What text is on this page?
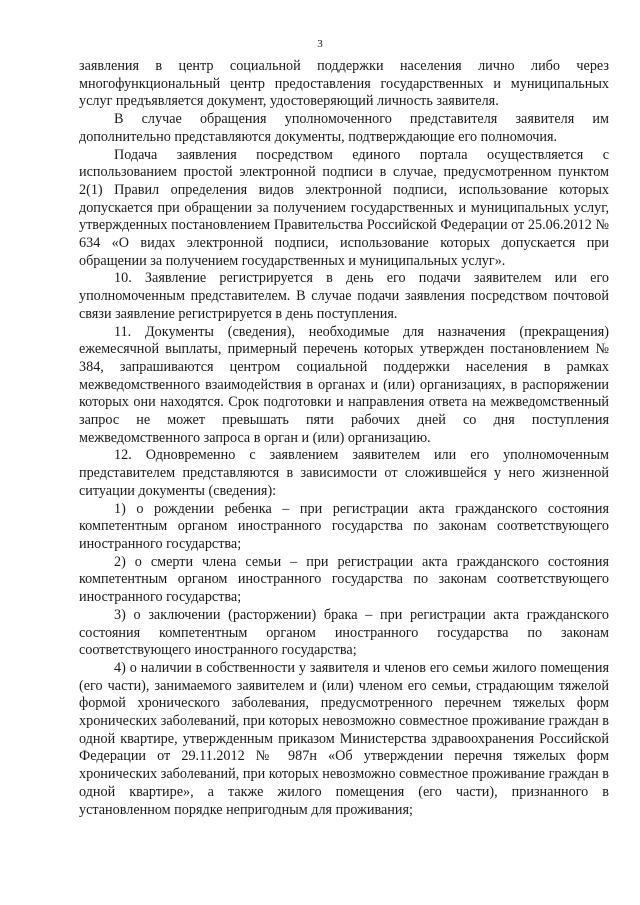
3

заявления в центр социальной поддержки населения лично либо через многофункциональный центр предоставления государственных и муниципальных услуг предъявляется документ, удостоверяющий личность заявителя.

В случае обращения уполномоченного представителя заявителя им дополнительно представляются документы, подтверждающие его полномочия.

Подача заявления посредством единого портала осуществляется с использованием простой электронной подписи в случае, предусмотренном пунктом 2(1) Правил определения видов электронной подписи, использование которых допускается при обращении за получением государственных и муниципальных услуг, утвержденных постановлением Правительства Российской Федерации от 25.06.2012 № 634 «О видах электронной подписи, использование которых допускается при обращении за получением государственных и муниципальных услуг».

10. Заявление регистрируется в день его подачи заявителем или его уполномоченным представителем. В случае подачи заявления посредством почтовой связи заявление регистрируется в день поступления.

11. Документы (сведения), необходимые для назначения (прекращения) ежемесячной выплаты, примерный перечень которых утвержден постановлением № 384, запрашиваются центром социальной поддержки населения в рамках межведомственного взаимодействия в органах и (или) организациях, в распоряжении которых они находятся. Срок подготовки и направления ответа на межведомственный запрос не может превышать пяти рабочих дней со дня поступления межведомственного запроса в орган и (или) организацию.

12. Одновременно с заявлением заявителем или его уполномоченным представителем представляются в зависимости от сложившейся у него жизненной ситуации документы (сведения):

1) о рождении ребенка – при регистрации акта гражданского состояния компетентным органом иностранного государства по законам соответствующего иностранного государства;

2) о смерти члена семьи – при регистрации акта гражданского состояния компетентным органом иностранного государства по законам соответствующего иностранного государства;

3) о заключении (расторжении) брака – при регистрации акта гражданского состояния компетентным органом иностранного государства по законам соответствующего иностранного государства;

4) о наличии в собственности у заявителя и членов его семьи жилого помещения (его части), занимаемого заявителем и (или) членом его семьи, страдающим тяжелой формой хронического заболевания, предусмотренного перечнем тяжелых форм хронических заболеваний, при которых невозможно совместное проживание граждан в одной квартире, утвержденным приказом Министерства здравоохранения Российской Федерации от 29.11.2012 № 987н «Об утверждении перечня тяжелых форм хронических заболеваний, при которых невозможно совместное проживание граждан в одной квартире», а также жилого помещения (его части), признанного в установленном порядке непригодным для проживания;
